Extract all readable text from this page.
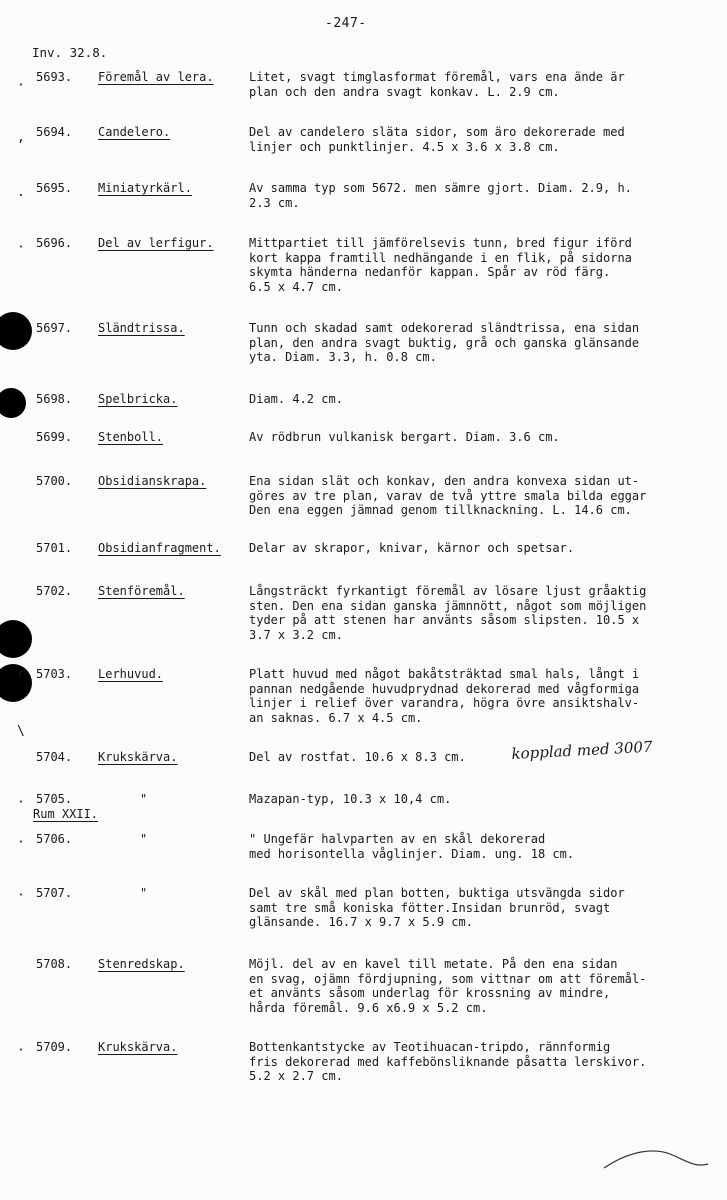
-247-
Inv. 32.8.
·
,
.
·
r
\
·
·
·
·
5693. Föremål av lera.	Litet, svagt timglasformat föremål, vars ena ände är
plan och den andra svagt konkav. L. 2.9 cm.
5694. Candelero.	Del av candelero släta sidor, som äro dekorerade med
linjer och punktlinjer. 4.5 x 3.6 x 3.8 cm.
5695. Miniatyrkärl.	Av samma typ som 5672. men sämre gjort. Diam. 2.9, h.
2.3 cm.
5696. Del av lerfigur.	Mittpartiet till jämförelsevis tunn, bred figur iförd
kort kappa framtill nedhängande i en flik, på sidorna
skymta händerna nedanför kappan. Spår av röd färg.
6.5 x 4.7 cm.
5697. Sländtrissa.	Tunn och skadad samt odekorerad sländtrissa, ena sidan
plan, den andra svagt buktig, grå och ganska glänsande
yta. Diam. 3.3, h. 0.8 cm.
5698. Spelbricka.	Diam. 4.2 cm.
5699. Stenboll.	Av rödbrun vulkanisk bergart. Diam. 3.6 cm.
5700. Obsidianskrapa.	Ena sidan slät och konkav, den andra konvexa sidan ut-
göres av tre plan, varav de två yttre smala bilda eggar
Den ena eggen jämnad genom tillknackning. L. 14.6 cm.
5701. Obsidianfragment. Delar av skrapor, knivar, kärnor och spetsar.
5702. Stenföremål.	Långsträckt fyrkantigt föremål av lösare ljust gråaktig
sten. Den ena sidan ganska jämnnött, något som möjligen
tyder på att stenen har använts såsom slipsten. 10.5 x
3.7 x 3.2 cm.
5703. Lerhuvud.	Platt huvud med något bakåtsträktad smal hals, långt i
pannan nedgående huvudprydnad dekorerad med vågformiga
linjer i relief över varandra, högra övre ansiktshalv-
an saknas. 6.7 x 4.5 cm.
5704. Krukskärva.	Del av rostfat. 10.6 x 8.3 cm.
5705.	"	Mazapan-typ, 10.3 x 10,4 cm.
Rum XXII.
5706.	"	" Ungefär halvparten av en skål dekorerad
med horisontella våglinjer. Diam. ung. 18 cm.
5707.	"	Del av skål med plan botten, buktiga utsvängda sidor
samt tre små koniska fötter.Insidan brunröd, svagt
glänsande. 16.7 x 9.7 x 5.9 cm.
5708. Stenredskap.	Möjl. del av en kavel till metate. På den ena sidan
en svag, ojämn fördjupning, som vittnar om att föremål-
et använts såsom underlag för krossning av mindre,
hårda föremål. 9.6 x6.9 x 5.2 cm.
5709. Krukskärva.	Bottenkantstycke av Teotihuacan-tripdo, rännformig
fris dekorerad med kaffebönsliknande påsatta lerskivor.
5.2 x 2.7 cm.
kopplad med 3007
